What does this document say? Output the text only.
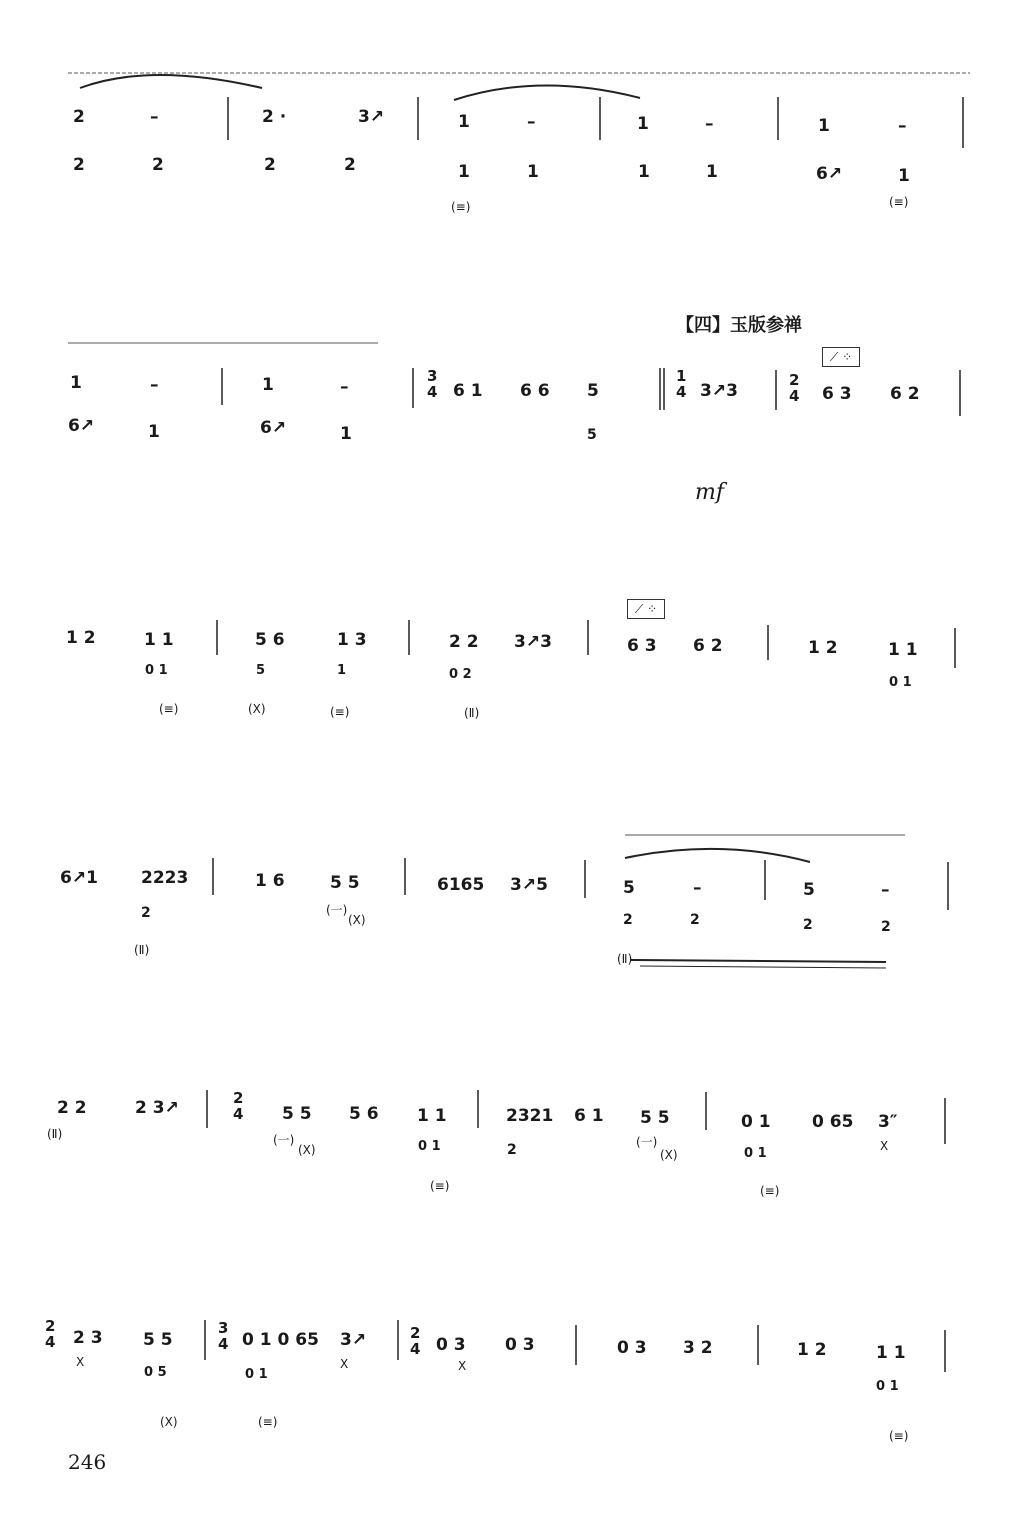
【四】玉版参禅
mf
246
⟋ ⁘
⟋ ⁘
2	–	2 ·	3↗	1	–	1	–	1	–
2	2	2	2	1	1	1	1	6↗	1
(≡)	(≡)
1	–	1	–	6 1 6 6 5	3↗3	6 3 6 2
6↗	1	6↗	1	5
3
4
1
4
2
4
1 2	1 1	5 6	1 3	2 2 3↗3	6 3 6 2	1 2	1 1
0 1	5	1	0 2
0 1
(≡)	(X)	(≡)	(Ⅱ)
6↗1	2223	1 6	5 5	6165 3↗5	5	–	5	–
2	2	2	2	2
(Ⅱ)
(一)
(X)
(Ⅱ)
2 2	2 3↗	5 5 5 6 1 1	2321 6 1 5 5	0 1 0 65 3″
0 1	2	0 1
(Ⅱ)	(一)
(X)
(≡)
(一)
(X)
(≡)
X
2
4
2 3 5 5	0 1 0 65 3↗	0 3 0 3	0 3 3 2	1 2	1 1
0 5	0 1
0 1
X
(X)	(≡)
X	X
(≡)
2
4
3
4
2
4
